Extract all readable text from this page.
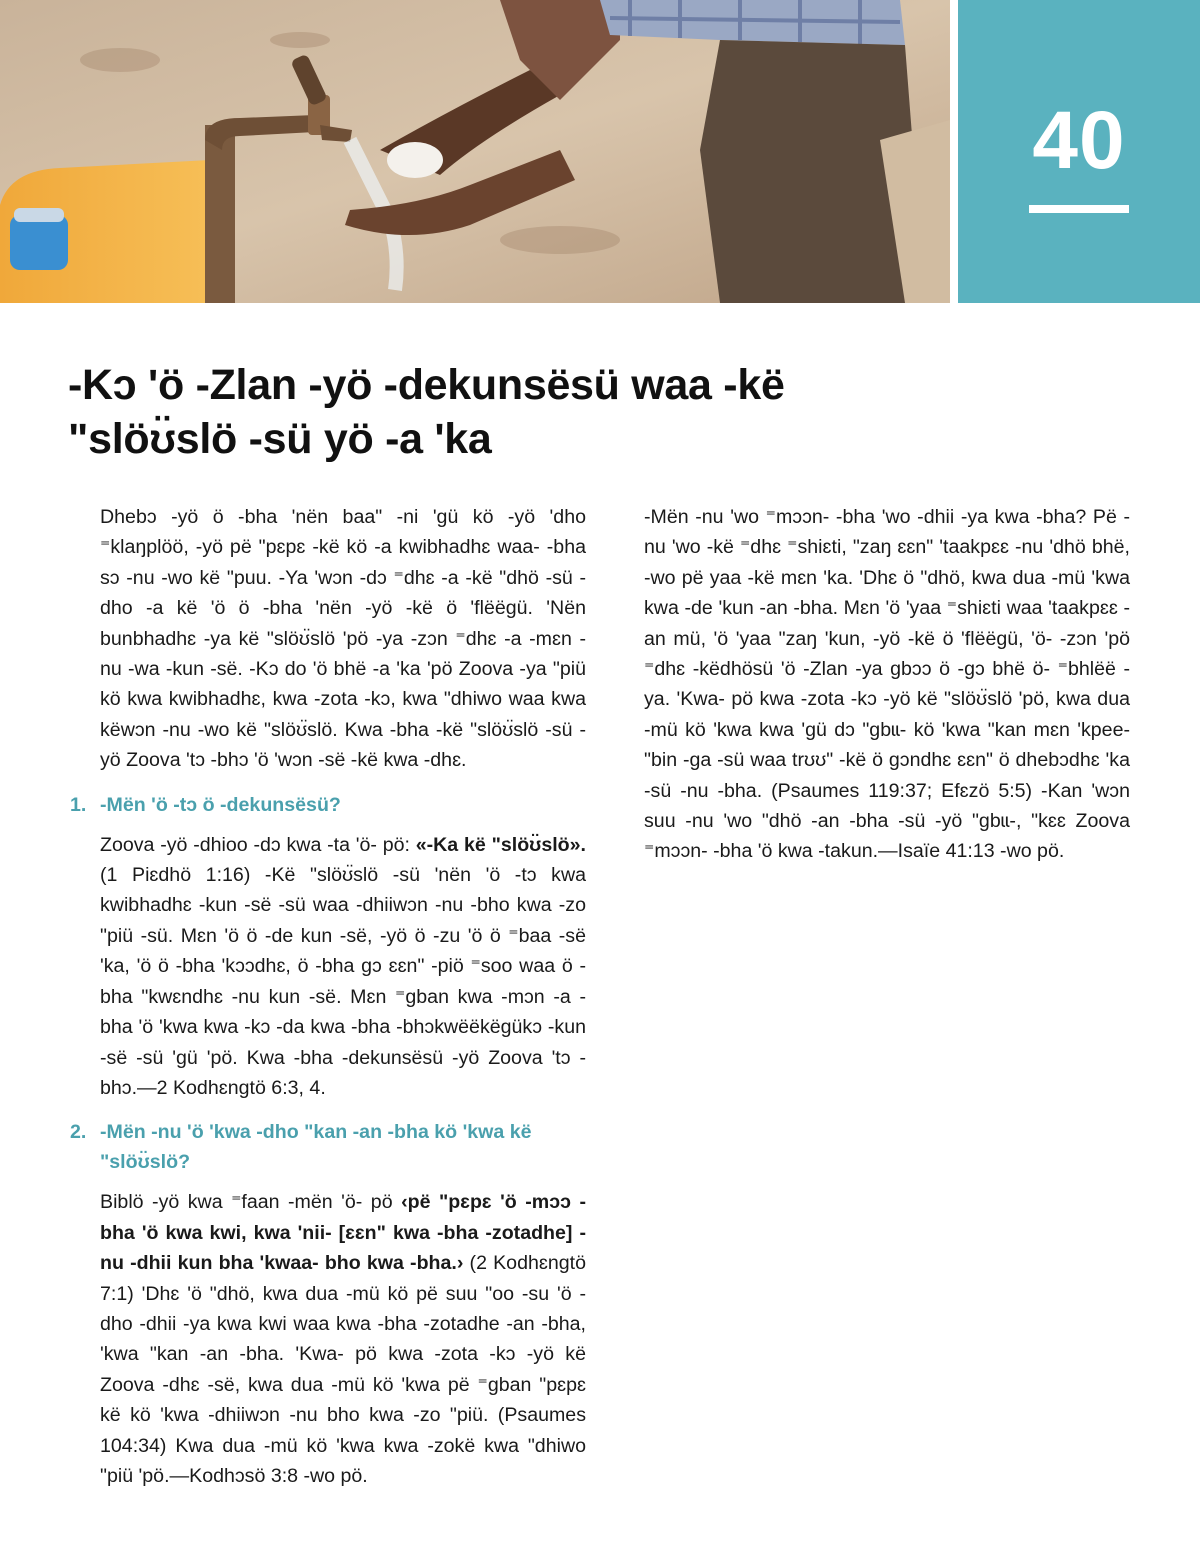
40
-Kɔ 'ö -Zlan -yö -dekunsësü waa -kë "slöʊ̈slö -sü yö -a 'ka

Dhebɔ -yö ö -bha 'nën baa" -ni 'gü kö -yö 'dho ⁼klaŋplöö, -yö pë "pɛpɛ -kë kö -a kwibhadhɛ waa- -bha sɔ -nu -wo kë "puu. -Ya 'wɔn -dɔ ⁼dhɛ -a -kë "dhö -sü -dho -a kë 'ö ö -bha 'nën -yö -kë ö 'flëëgü. 'Nën bunbhadhɛ -ya kë "slöʊ̈slö 'pö -ya -zɔn ⁼dhɛ -a -mɛn -nu -wa -kun -së. -Kɔ do 'ö bhë -a 'ka 'pö Zoova -ya "piü kö kwa kwibhadhɛ, kwa -zota -kɔ, kwa "dhiwo waa kwa këwɔn -nu -wo kë "slöʊ̈slö. Kwa -bha -kë "slöʊ̈slö -sü -yö Zoova 'tɔ -bhɔ 'ö 'wɔn -së -kë kwa -dhɛ.

1. -Mën 'ö -tɔ ö -dekunsësü?

Zoova -yö -dhioo -dɔ kwa -ta 'ö- pö: «-Ka kë "slöʊ̈slö». (1 Piɛdhö 1:16) -Kë "slöʊ̈slö -sü 'nën 'ö -tɔ kwa kwibhadhɛ -kun -së -sü waa -dhiiwɔn -nu -bho kwa -zo "piü -sü. Mɛn 'ö ö -de kun -së, -yö ö -zu 'ö ö ⁼baa -së 'ka, 'ö ö -bha 'kɔɔdhɛ, ö -bha gɔ ɛɛn" -piö ⁼soo waa ö -bha "kwɛndhɛ -nu kun -së. Mɛn ⁼gban kwa -mɔn -a -bha 'ö 'kwa kwa -kɔ -da kwa -bha -bhɔkwëëkëgükɔ -kun -së -sü 'gü 'pö. Kwa -bha -dekunsësü -yö Zoova 'tɔ -bhɔ.—2 Kodhɛngtö 6:3, 4.

2. -Mën -nu 'ö 'kwa -dho "kan -an -bha kö 'kwa kë "slöʊ̈slö?

Biblö -yö kwa ⁼faan -mën 'ö- pö ‹pë "pɛpɛ 'ö -mɔɔ -bha 'ö kwa kwi, kwa 'nii- [ɛɛn" kwa -bha -zotadhe] -nu -dhii kun bha 'kwaa- bho kwa -bha.› (2 Kodhɛngtö 7:1) 'Dhɛ 'ö "dhö, kwa dua -mü kö pë suu "oo -su 'ö -dho -dhii -ya kwa kwi waa kwa -bha -zotadhe -an -bha, 'kwa "kan -an -bha. 'Kwa- pö kwa -zota -kɔ -yö kë Zoova -dhɛ -së, kwa dua -mü kö 'kwa pë ⁼gban "pɛpɛ kë kö 'kwa -dhiiwɔn -nu bho kwa -zo "piü. (Psaumes 104:34) Kwa dua -mü kö 'kwa kwa -zokë kwa "dhiwo "piü 'pö.—Kodhɔsö 3:8 -wo pö.

-Mën -nu 'wo ⁼mɔɔn- -bha 'wo -dhii -ya kwa -bha? Pë -nu 'wo -kë ⁼dhɛ ⁼shiɛti, "zaŋ ɛɛn" 'taakpɛɛ -nu 'dhö bhë, -wo pë yaa -kë mɛn 'ka. 'Dhɛ ö "dhö, kwa dua -mü 'kwa kwa -de 'kun -an -bha. Mɛn 'ö 'yaa ⁼shiɛti waa 'taakpɛɛ -an mü, 'ö 'yaa "zaŋ 'kun, -yö -kë ö 'flëëgü, 'ö- -zɔn 'pö ⁼dhɛ -këdhösü 'ö -Zlan -ya gbɔɔ ö -gɔ bhë ö- ⁼bhlëë -ya. 'Kwa- pö kwa -zota -kɔ -yö kë "slöʊ̈slö 'pö, kwa dua -mü kö 'kwa kwa 'gü dɔ "gbɩɩ- kö 'kwa "kan mɛn 'kpee- "bin -ga -sü waa trʊʊ" -kë ö gɔndhɛ ɛɛn" ö dhebɔdhɛ 'ka -sü -nu -bha. (Psaumes 119:37; Efɛzö 5:5) -Kan 'wɔn suu -nu 'wo "dhö -an -bha -sü -yö "gbɩɩ-, "kɛɛ Zoova ⁼mɔɔn- -bha 'ö kwa -takun.—Isaïe 41:13 -wo pö.
